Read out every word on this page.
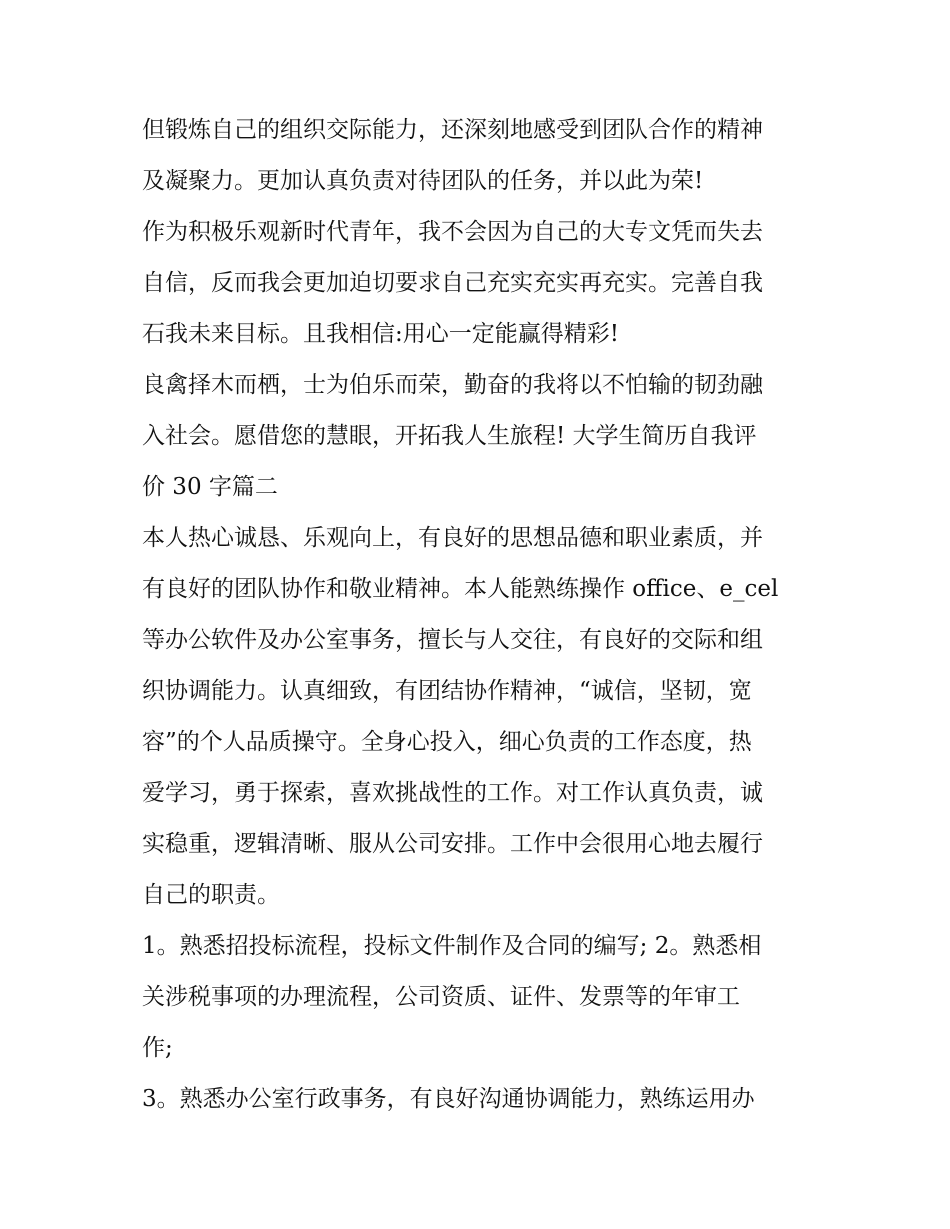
但锻炼自己的组织交际能力，还深刻地感受到团队合作的精神
及凝聚力。更加认真负责对待团队的任务，并以此为荣!
作为积极乐观新时代青年，我不会因为自己的大专文凭而失去
自信，反而我会更加迫切要求自己充实充实再充实。完善自我
石我未来目标。且我相信:用心一定能赢得精彩!
良禽择木而栖，士为伯乐而荣，勤奋的我将以不怕输的韧劲融
入社会。愿借您的慧眼，开拓我人生旅程! 大学生简历自我评
价 30 字篇二
本人热心诚恳、乐观向上，有良好的思想品德和职业素质，并
有良好的团队协作和敬业精神。本人能熟练操作 office、e_cel
等办公软件及办公室事务，擅长与人交往，有良好的交际和组
织协调能力。认真细致，有团结协作精神，“诚信，坚韧，宽
容”的个人品质操守。全身心投入，细心负责的工作态度，热
爱学习，勇于探索，喜欢挑战性的工作。对工作认真负责，诚
实稳重，逻辑清晰、服从公司安排。工作中会很用心地去履行
自己的职责。
1。熟悉招投标流程，投标文件制作及合同的编写; 2。熟悉相
关涉税事项的办理流程，公司资质、证件、发票等的年审工
作;
3。熟悉办公室行政事务，有良好沟通协调能力，熟练运用办
